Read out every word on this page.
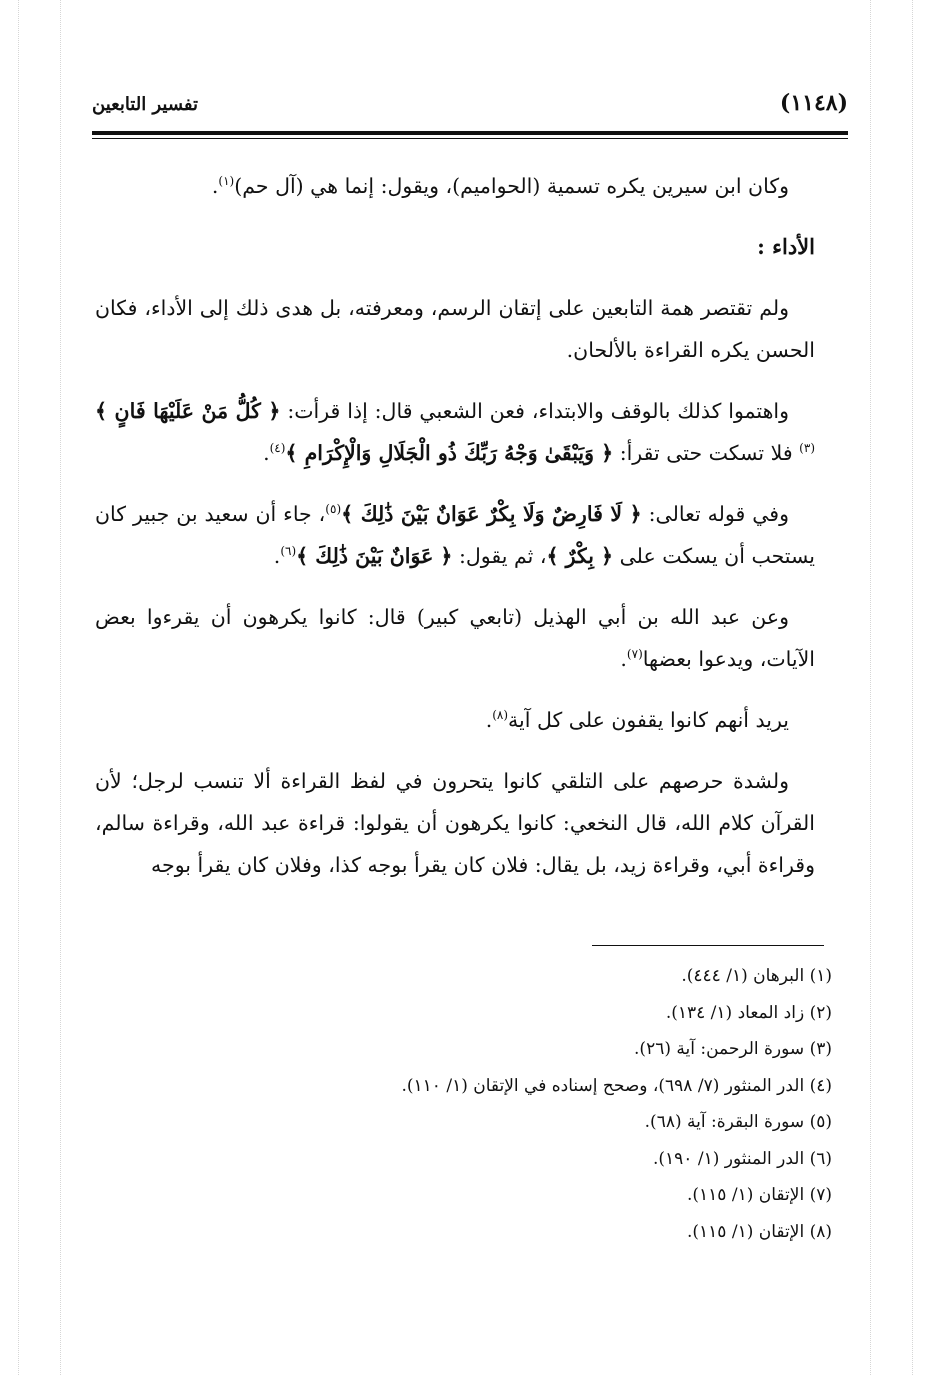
(١١٤٨)
تفسير التابعين

وكان ابن سيرين يكره تسمية (الحواميم)، ويقول: إنما هي (آل حم)$^{(١)}$.

الأداء :

ولم تقتصر همة التابعين على إتقان الرسم، ومعرفته، بل هدى ذلك إلى الأداء، فكان الحسن يكره القراءة بالألحان.

واهتموا كذلك بالوقف والابتداء، فعن الشعبي قال: إذا قرأت: ﴿ كُلُّ مَنْ عَلَيْهَا فَانٍ ﴾$^{(٣)}$ فلا تسكت حتى تقرأ: ﴿ وَيَبْقَىٰ وَجْهُ رَبِّكَ ذُو الْجَلَالِ وَالْإِكْرَامِ ﴾$^{(٤)}$.

وفي قوله تعالى: ﴿ لَا فَارِضٌ وَلَا بِكْرٌ عَوَانٌ بَيْنَ ذَٰلِكَ ﴾$^{(٥)}$، جاء أن سعيد بن جبير كان يستحب أن يسكت على ﴿ بِكْرٌ ﴾، ثم يقول: ﴿ عَوَانٌ بَيْنَ ذَٰلِكَ ﴾$^{(٦)}$.

وعن عبد الله بن أبي الهذيل (تابعي كبير) قال: كانوا يكرهون أن يقرءوا بعض الآيات، ويدعوا بعضها$^{(٧)}$.

يريد أنهم كانوا يقفون على كل آية$^{(٨)}$.

ولشدة حرصهم على التلقي كانوا يتحرون في لفظ القراءة ألا تنسب لرجل؛ لأن القرآن كلام الله، قال النخعي: كانوا يكرهون أن يقولوا: قراءة عبد الله، وقراءة سالم، وقراءة أبي، وقراءة زيد، بل يقال: فلان كان يقرأ بوجه كذا، وفلان كان يقرأ بوجه

(١) البرهان (١/ ٤٤٤).
(٢) زاد المعاد (١/ ١٣٤).
(٣) سورة الرحمن: آية (٢٦).
(٤) الدر المنثور (٧/ ٦٩٨)، وصحح إسناده في الإتقان (١/ ١١٠).
(٥) سورة البقرة: آية (٦٨).
(٦) الدر المنثور (١/ ١٩٠).
(٧) الإتقان (١/ ١١٥).
(٨) الإتقان (١/ ١١٥).
